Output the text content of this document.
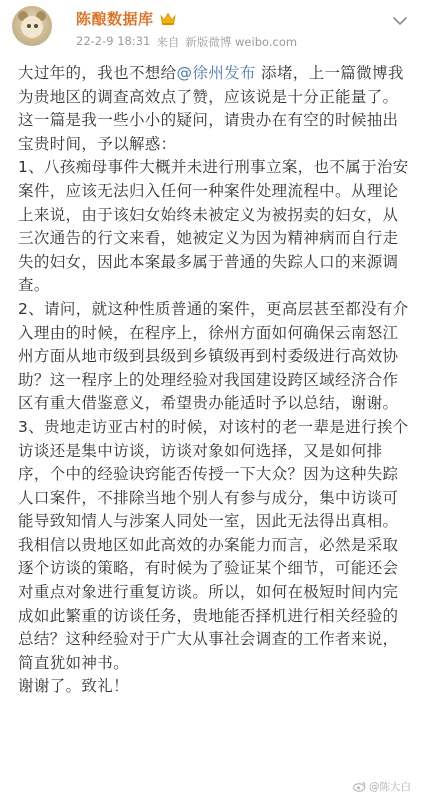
陈酿数据库
22-2-9 18:31 来自 新版微博 weibo.com

大过年的，我也不想给@徐州发布 添堵，上一篇微博我为贵地区的调查高效点了赞，应该说是十分正能量了。这一篇是我一些小小的疑问，请贵办在有空的时候抽出宝贵时间，予以解惑：

1、八孩痴母事件大概并未进行刑事立案，也不属于治安案件，应该无法归入任何一种案件处理流程中。从理论上来说，由于该妇女始终未被定义为被拐卖的妇女，从三次通告的行文来看，她被定义为因为精神病而自行走失的妇女，因此本案最多属于普通的失踪人口的来源调查。

2、请问，就这种性质普通的案件，更高层甚至都没有介入理由的时候，在程序上，徐州方面如何确保云南怒江州方面从地市级到县级到乡镇级再到村委级进行高效协助？这一程序上的处理经验对我国建设跨区域经济合作区有重大借鉴意义，希望贵办能适时予以总结，谢谢。

3、贵地走访亚古村的时候，对该村的老一辈是进行挨个访谈还是集中访谈，访谈对象如何选择，又是如何排序，个中的经验诀窍能否传授一下大众？因为这种失踪人口案件，不排除当地个别人有参与成分，集中访谈可能导致知情人与涉案人同处一室，因此无法得出真相。我相信以贵地区如此高效的办案能力而言，必然是采取逐个访谈的策略，有时候为了验证某个细节，可能还会对重点对象进行重复访谈。所以，如何在极短时间内完成如此繁重的访谈任务，贵地能否择机进行相关经验的总结？这种经验对于广大从事社会调查的工作者来说，简直犹如神书。

谢谢了。致礼！

@陈大白
